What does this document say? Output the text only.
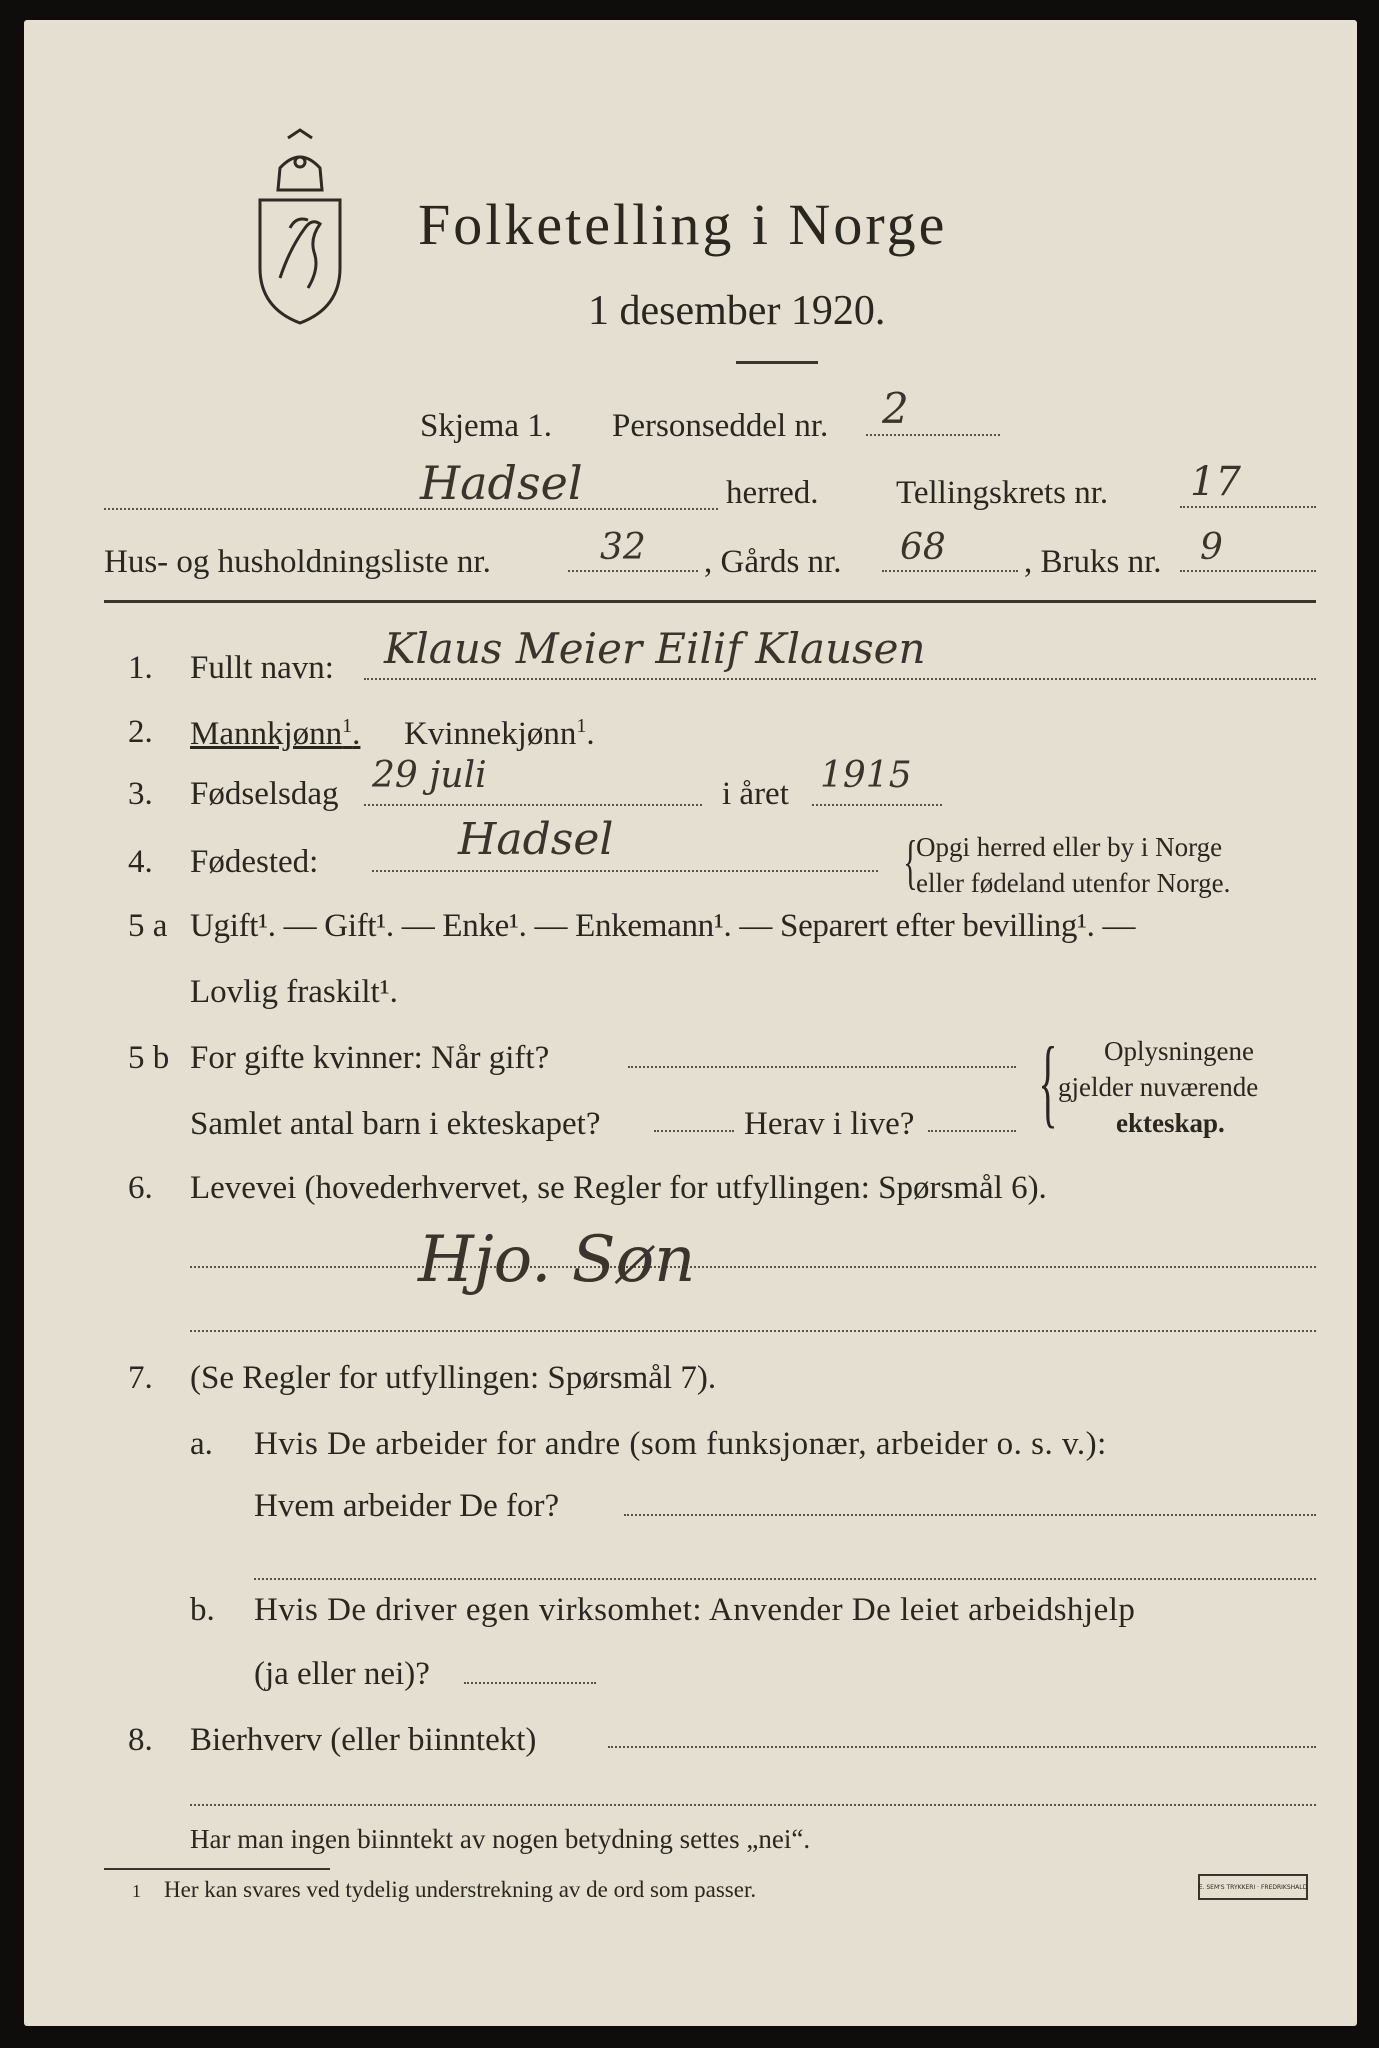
Folketelling i Norge
1 desember 1920.
Skjema 1. Personseddel nr. 2
Hadsel	herred. Tellingskrets nr. 17
Hus- og husholdningsliste nr.	32 , Gårds nr. 68 , Bruks nr. 9
1. Fullt navn: Klaus Meier Eilif Klausen
2. Mannkjønn$^1$. Kvinnekjønn$^1$.
3. Fødselsdag 29 juli	i året 1915
4. Fødested:	Hadsel	{
Opgi herred eller by i Norge
eller fødeland utenfor Norge.
5 a Ugift¹. — Gift¹. — Enke¹. — Enkemann¹. — Separert efter bevilling¹. —
Lovlig fraskilt¹.
5 b For gifte kvinner: Når gift?
Samlet antal barn i ekteskapet?	Herav i live? { Oplysningene
gjelder nuværende
ekteskap.
6. Levevei (hovederhvervet, se Regler for utfyllingen: Spørsmål 6).
Hjo. Søn
7. (Se Regler for utfyllingen: Spørsmål 7).
a. Hvis De arbeider for andre (som funksjonær, arbeider o. s. v.):
Hvem arbeider De for?
b. Hvis De driver egen virksomhet: Anvender De leiet arbeidshjelp
(ja eller nei)?
8. Bierhverv (eller biinntekt)
Har man ingen biinntekt av nogen betydning settes „nei“.
1 Her kan svares ved tydelig understrekning av de ord som passer.	E. SEM'S TRYKKERI · FREDRIKSHALD
